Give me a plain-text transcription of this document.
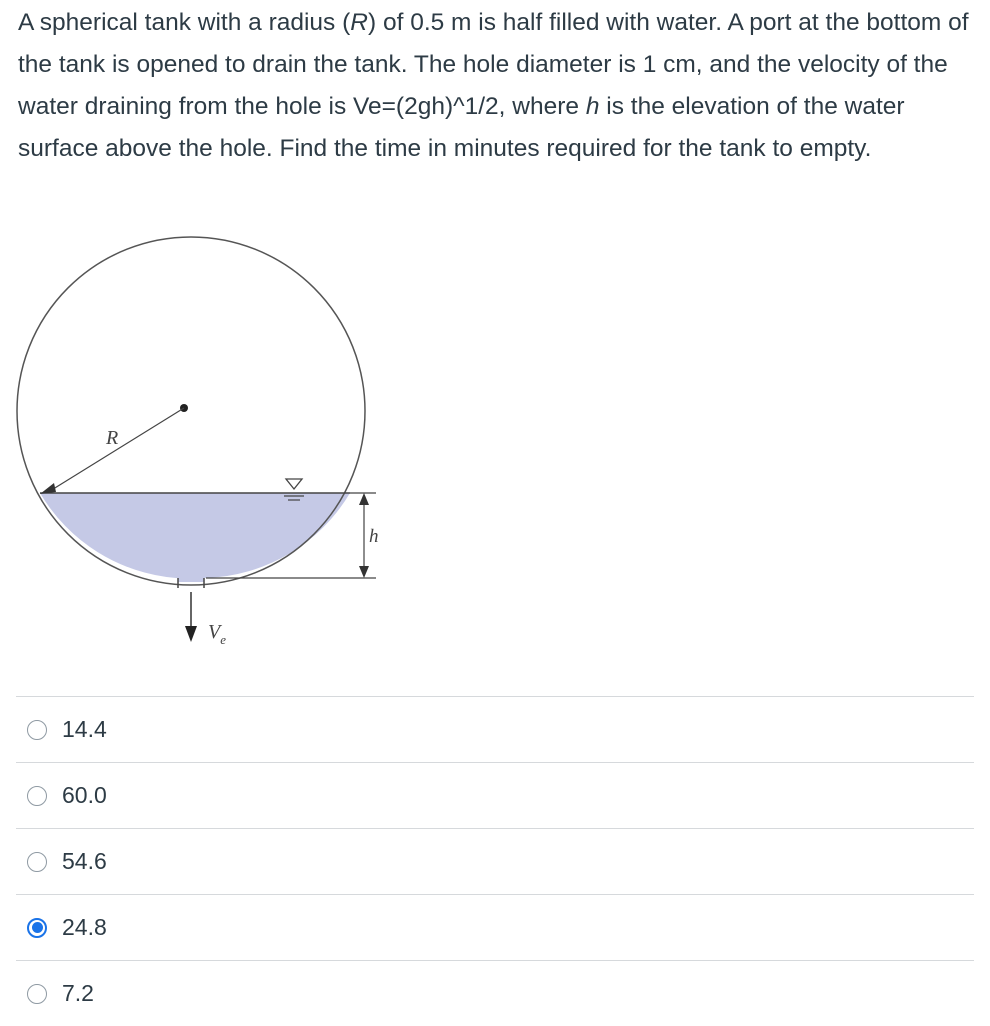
A spherical tank with a radius (R) of 0.5 m is half filled with water. A port at the bottom of the tank is opened to drain the tank. The hole diameter is 1 cm, and the velocity of the water draining from the hole is Ve=(2gh)^1/2, where h is the elevation of the water surface above the hole. Find the time in minutes required for the tank to empty.

R
h
$V_e$
14.4
60.0
54.6
24.8
7.2
